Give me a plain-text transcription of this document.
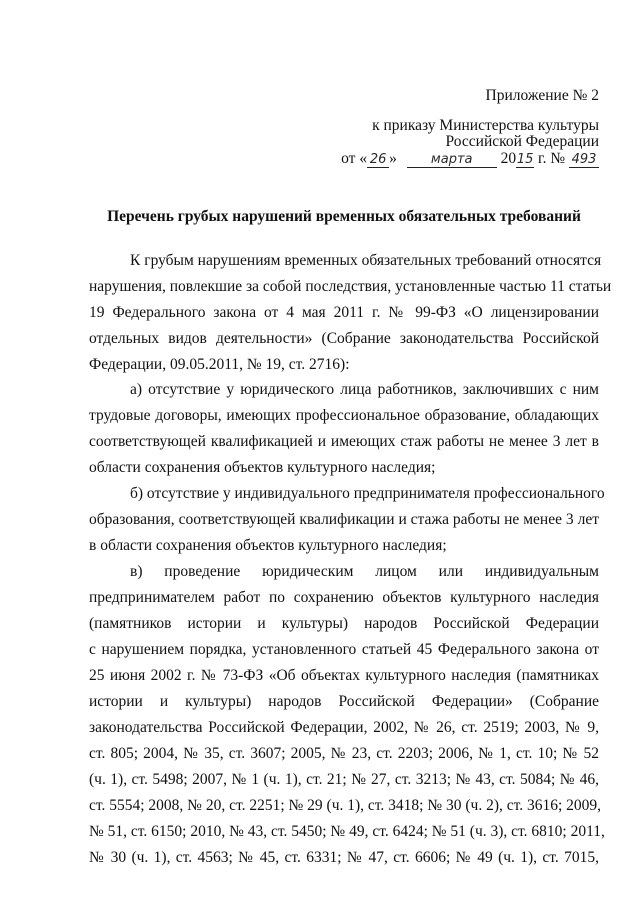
Приложение № 2
к приказу Министерства культуры
Российской Федерации
от « 26 »	марта 2015 г. № 493
Перечень грубых нарушений временных обязательных требований
К грубым нарушениям временных обязательных требований относятся
нарушения, повлекшие за собой последствия, установленные частью 11 статьи
19 Федерального закона от 4 мая 2011 г. № 99-ФЗ «О лицензировании
отдельных видов деятельности» (Собрание законодательства Российской
Федерации, 09.05.2011, № 19, ст. 2716):
а) отсутствие у юридического лица работников, заключивших с ним
трудовые договоры, имеющих профессиональное образование, обладающих
соответствующей квалификацией и имеющих стаж работы не менее 3 лет в
области сохранения объектов культурного наследия;
б) отсутствие у индивидуального предпринимателя профессионального
образования, соответствующей квалификации и стажа работы не менее 3 лет
в области сохранения объектов культурного наследия;
в) проведение юридическим лицом или индивидуальным
предпринимателем работ по сохранению объектов культурного наследия
(памятников истории и культуры) народов Российской Федерации
с нарушением порядка, установленного статьей 45 Федерального закона от
25 июня 2002 г. № 73-ФЗ «Об объектах культурного наследия (памятниках
истории и культуры) народов Российской Федерации» (Собрание
законодательства Российской Федерации, 2002, № 26, ст. 2519; 2003, № 9,
ст. 805; 2004, № 35, ст. 3607; 2005, № 23, ст. 2203; 2006, № 1, ст. 10; № 52
(ч. 1), ст. 5498; 2007, № 1 (ч. 1), ст. 21; № 27, ст. 3213; № 43, ст. 5084; № 46,
ст. 5554; 2008, № 20, ст. 2251; № 29 (ч. 1), ст. 3418; № 30 (ч. 2), ст. 3616; 2009,
№ 51, ст. 6150; 2010, № 43, ст. 5450; № 49, ст. 6424; № 51 (ч. 3), ст. 6810; 2011,
№ 30 (ч. 1), ст. 4563; № 45, ст. 6331; № 47, ст. 6606; № 49 (ч. 1), ст. 7015,
